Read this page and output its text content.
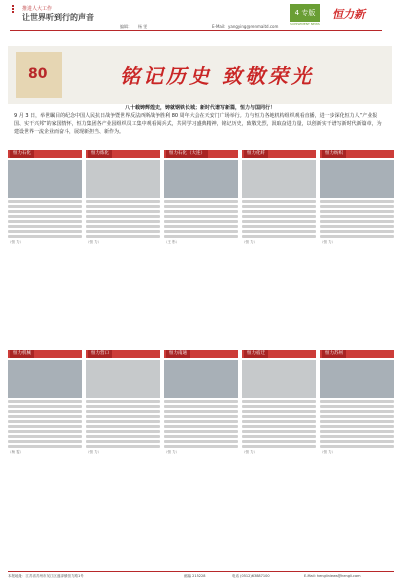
推进人大工作
让世界听到行的声音
编辑： 杨 雯	E-Mail: yangying@renmaitd.com
4 专版
SUPPLEMENT NEWS
恒力新
80	铭记历史 致敬荣光
八十载铸辉煌史，铸就钢铁长城；新时代谱写新篇，恒力与国同行！
9 月 3 日，举世瞩目的纪念中国人民抗日战争暨世界反法西斯战争胜利 80 周年大会在天安门广场举行。力与恒力各地机构组织观看直播，进一步深化恒力人“产业报国、实干兴邦”的家国情怀，恒力集团各产业园组织员工集中观看阅兵式，共同学习盛典精神，铭记历史，致敬先烈，汲取奋进力量，以创新实干谱写新时代新篇章，为建设世界一流企业而奋斗，展现新担当、新作为。
恒力石化
（恒 力）
恒力炼化
（恒 力）
恒力石化（大连）
（王 彤）
恒力化纤
（恒 力）
恒力纺织
（恒 力）
恒力机械
（杨 雯）
恒力营口
（恒 力）
恒力南通
（恒 力）
恒力宿迁
（恒 力）
恒力苏州
（恒 力）
本报地址：江苏省苏州市吴江区盛泽镇恒力路1号	邮编 215228	电话 (0512)63887100	E-Mail: hengliniews@hengli.com
